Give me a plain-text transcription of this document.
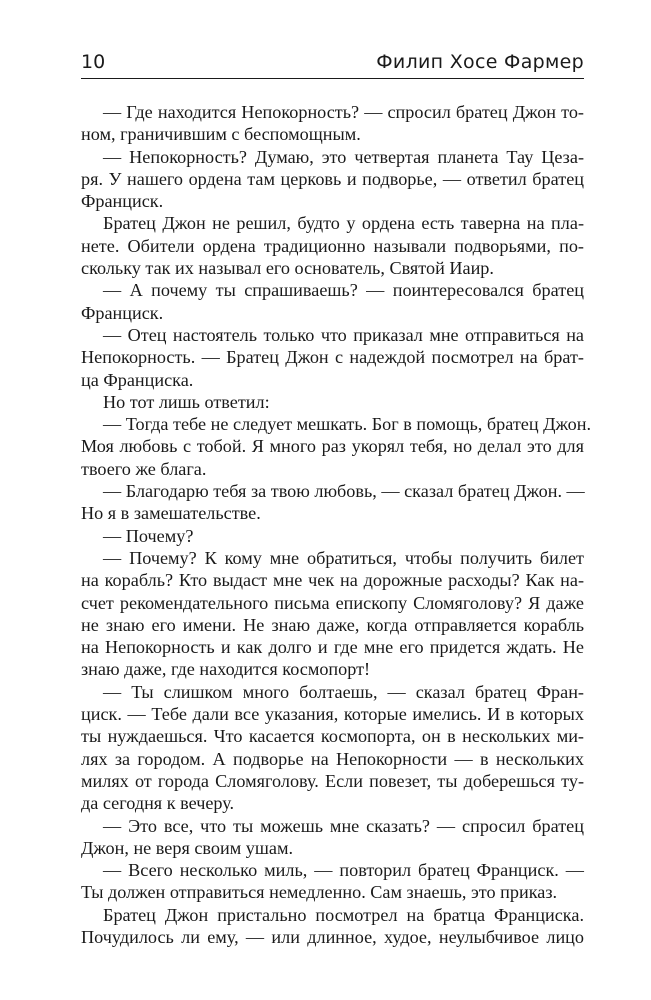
10	Филип Хосе Фармер
— Где находится Непокорность? — спросил братец Джон то-
ном, граничившим с беспомощным.
— Непокорность? Думаю, это четвертая планета Тау Цеза-
ря. У нашего ордена там церковь и подворье, — ответил братец
Франциск.
Братец Джон не решил, будто у ордена есть таверна на пла-
нете. Обители ордена традиционно называли подворьями, по-
скольку так их называл его основатель, Святой Иаир.
— А почему ты спрашиваешь? — поинтересовался братец
Франциск.
— Отец настоятель только что приказал мне отправиться на
Непокорность. — Братец Джон с надеждой посмотрел на брат-
ца Франциска.
Но тот лишь ответил:
— Тогда тебе не следует мешкать. Бог в помощь, братец Джон.
Моя любовь с тобой. Я много раз укорял тебя, но делал это для
твоего же блага.
— Благодарю тебя за твою любовь, — сказал братец Джон. —
Но я в замешательстве.
— Почему?
— Почему? К кому мне обратиться, чтобы получить билет
на корабль? Кто выдаст мне чек на дорожные расходы? Как на-
счет рекомендательного письма епископу Сломяголову? Я даже
не знаю его имени. Не знаю даже, когда отправляется корабль
на Непокорность и как долго и где мне его придется ждать. Не
знаю даже, где находится космопорт!
— Ты слишком много болтаешь, — сказал братец Фран-
циск. — Тебе дали все указания, которые имелись. И в которых
ты нуждаешься. Что касается космопорта, он в нескольких ми-
лях за городом. А подворье на Непокорности — в нескольких
милях от города Сломяголову. Если повезет, ты доберешься ту-
да сегодня к вечеру.
— Это все, что ты можешь мне сказать? — спросил братец
Джон, не веря своим ушам.
— Всего несколько миль, — повторил братец Франциск. —
Ты должен отправиться немедленно. Сам знаешь, это приказ.
Братец Джон пристально посмотрел на братца Франциска.
Почудилось ли ему, — или длинное, худое, неулыбчивое лицо
